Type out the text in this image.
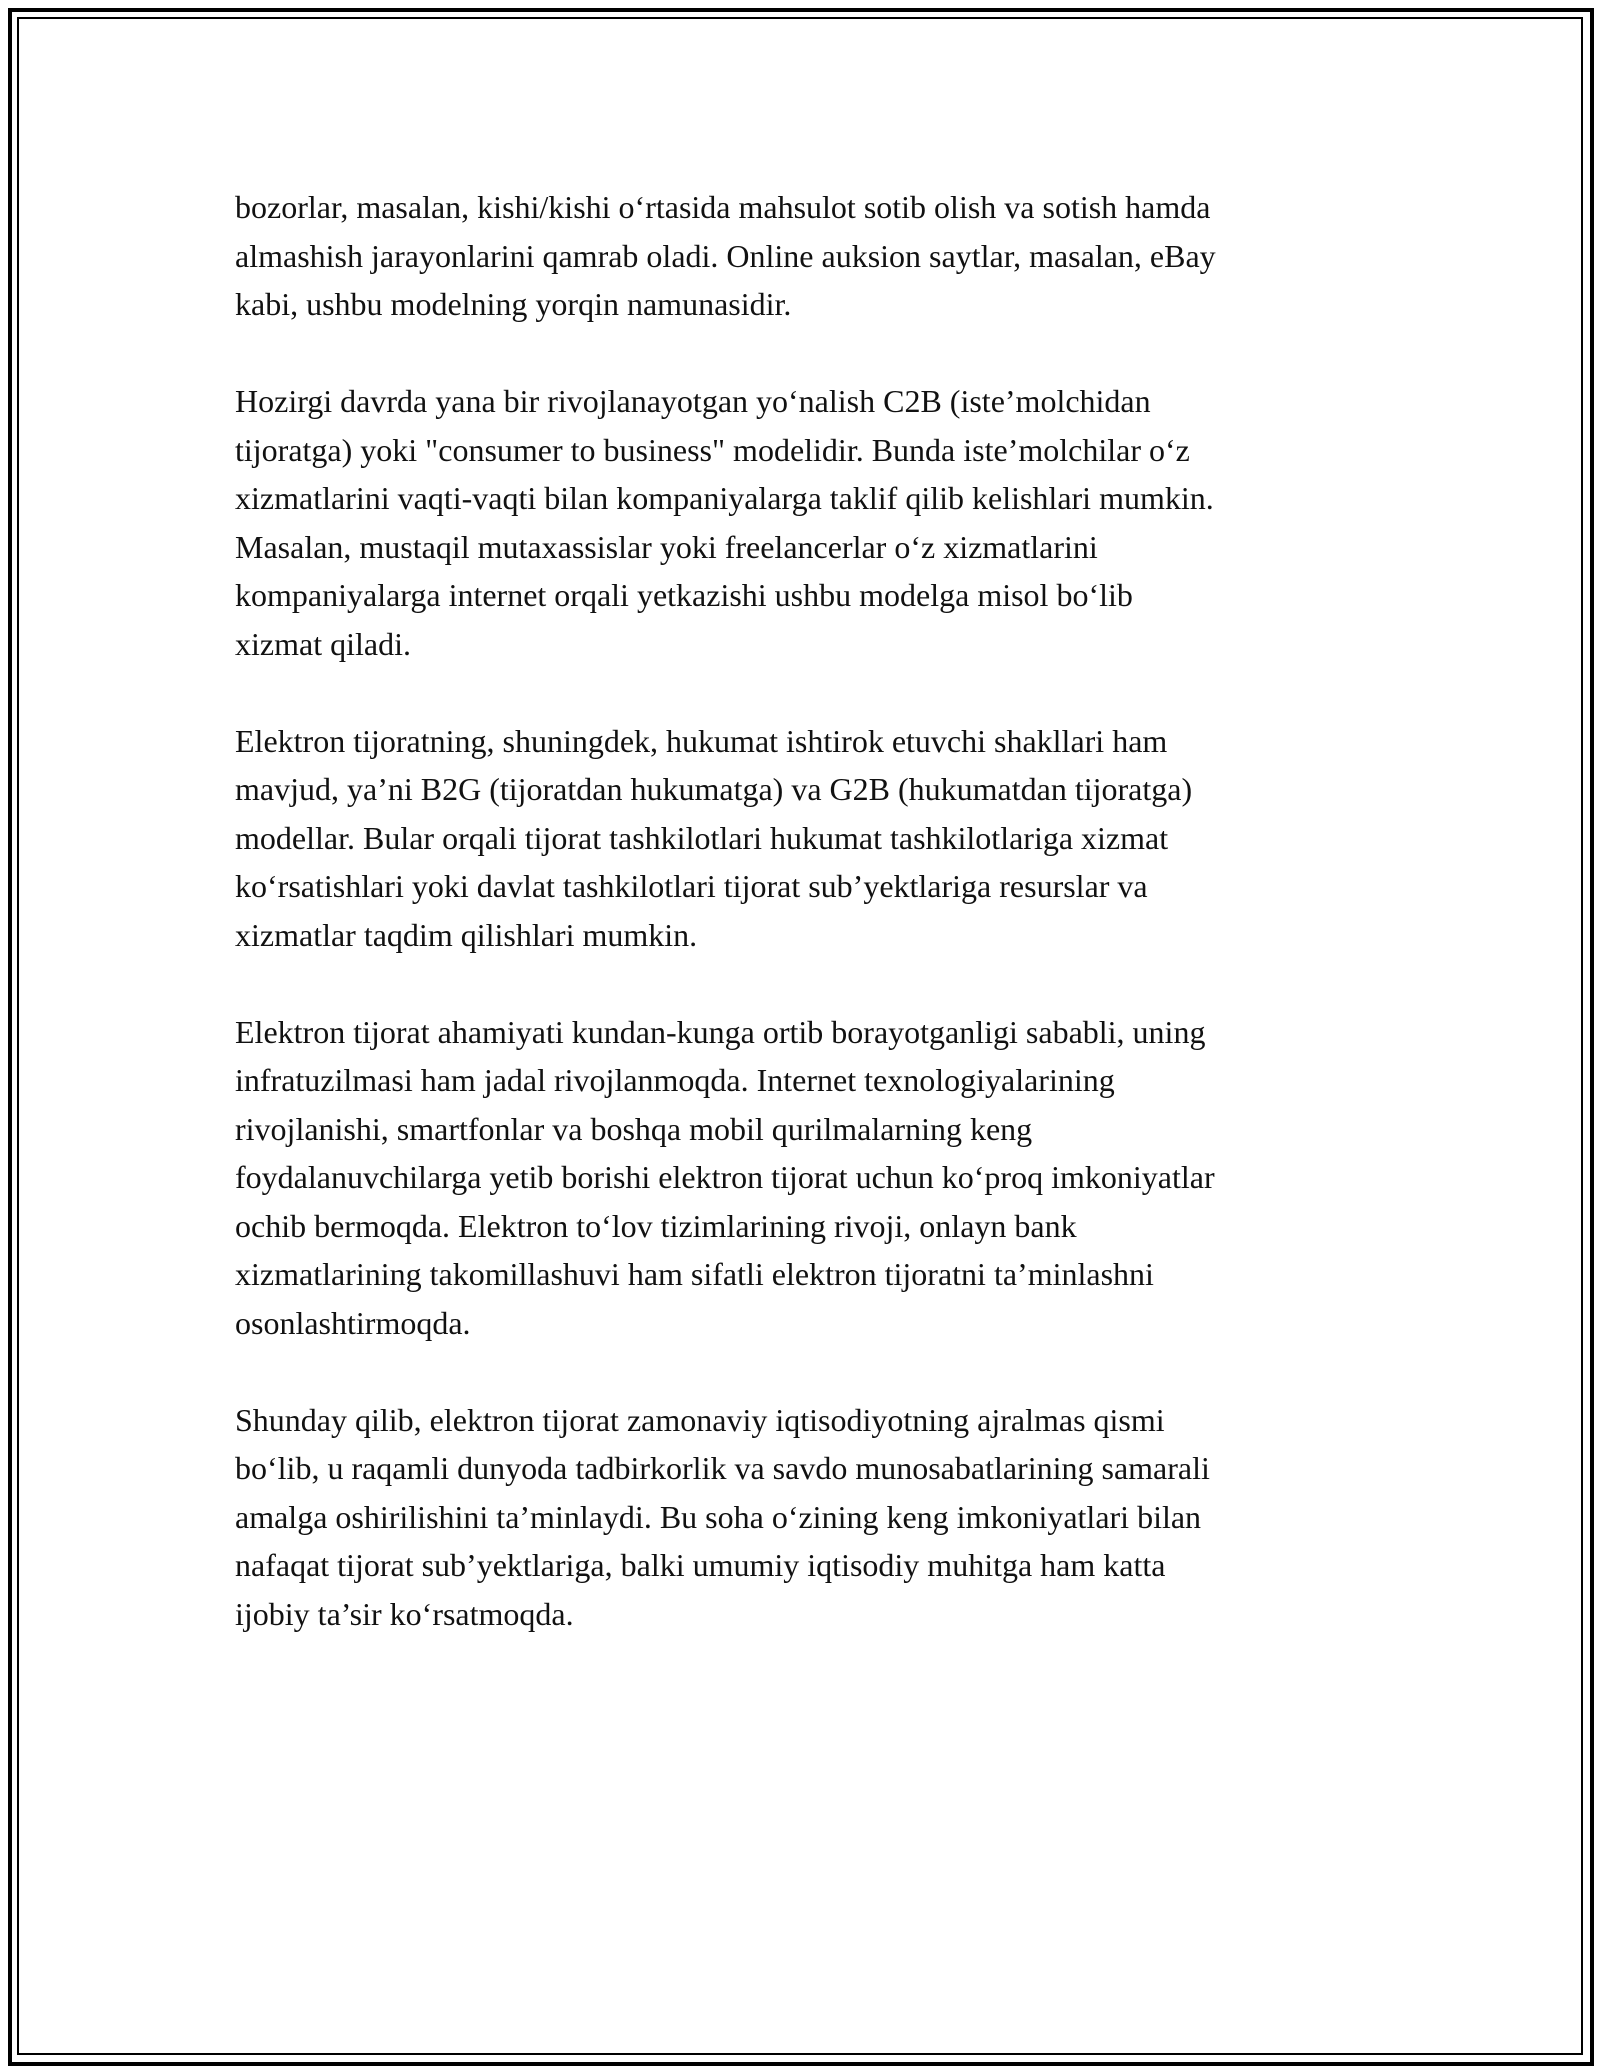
bozorlar, masalan, kishi/kishi o‘rtasida mahsulot sotib olish va sotish hamda
almashish jarayonlarini qamrab oladi. Online auksion saytlar, masalan, eBay
kabi, ushbu modelning yorqin namunasidir.

Hozirgi davrda yana bir rivojlanayotgan yo‘nalish C2B (iste’molchidan
tijoratga) yoki "consumer to business" modelidir. Bunda iste’molchilar o‘z
xizmatlarini vaqti-vaqti bilan kompaniyalarga taklif qilib kelishlari mumkin.
Masalan, mustaqil mutaxassislar yoki freelancerlar o‘z xizmatlarini
kompaniyalarga internet orqali yetkazishi ushbu modelga misol bo‘lib
xizmat qiladi.

Elektron tijoratning, shuningdek, hukumat ishtirok etuvchi shakllari ham
mavjud, ya’ni B2G (tijoratdan hukumatga) va G2B (hukumatdan tijoratga)
modellar. Bular orqali tijorat tashkilotlari hukumat tashkilotlariga xizmat
ko‘rsatishlari yoki davlat tashkilotlari tijorat sub’yektlariga resurslar va
xizmatlar taqdim qilishlari mumkin.

Elektron tijorat ahamiyati kundan-kunga ortib borayotganligi sababli, uning
infratuzilmasi ham jadal rivojlanmoqda. Internet texnologiyalarining
rivojlanishi, smartfonlar va boshqa mobil qurilmalarning keng
foydalanuvchilarga yetib borishi elektron tijorat uchun ko‘proq imkoniyatlar
ochib bermoqda. Elektron to‘lov tizimlarining rivoji, onlayn bank
xizmatlarining takomillashuvi ham sifatli elektron tijoratni ta’minlashni
osonlashtirmoqda.

Shunday qilib, elektron tijorat zamonaviy iqtisodiyotning ajralmas qismi
bo‘lib, u raqamli dunyoda tadbirkorlik va savdo munosabatlarining samarali
amalga oshirilishini ta’minlaydi. Bu soha o‘zining keng imkoniyatlari bilan
nafaqat tijorat sub’yektlariga, balki umumiy iqtisodiy muhitga ham katta
ijobiy ta’sir ko‘rsatmoqda.
